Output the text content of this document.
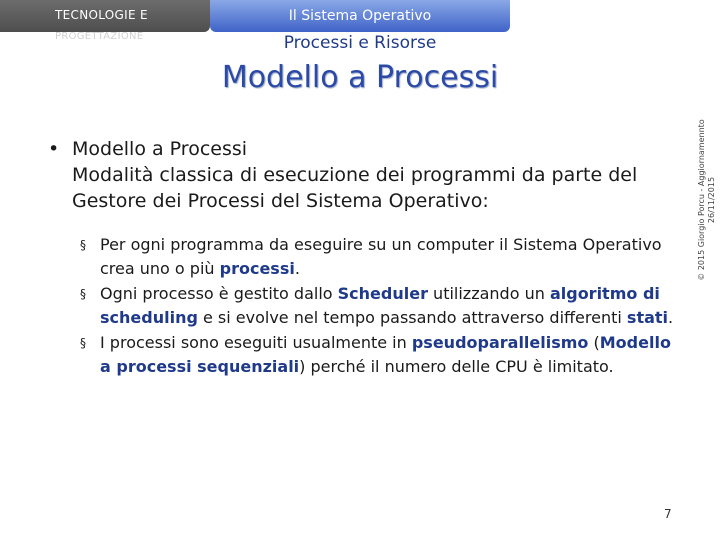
TECNOLOGIE E
PROGETTAZIONE
Il Sistema Operativo
Processi e Risorse
Modello a Processi
• Modello a Processi
Modalità classica di esecuzione dei programmi da parte del Gestore dei Processi del Sistema Operativo:
§ Per ogni programma da eseguire su un computer il Sistema Operativo crea uno o più processi.
§ Ogni processo è gestito dallo Scheduler utilizzando un algoritmo di scheduling e si evolve nel tempo passando attraverso differenti stati.
§ I processi sono eseguiti usualmente in pseudoparallelismo (Modello a processi sequenziali) perché il numero delle CPU è limitato.
© 2015 Giorgio Porcu - Aggiornamennto 26/11/2015
7
